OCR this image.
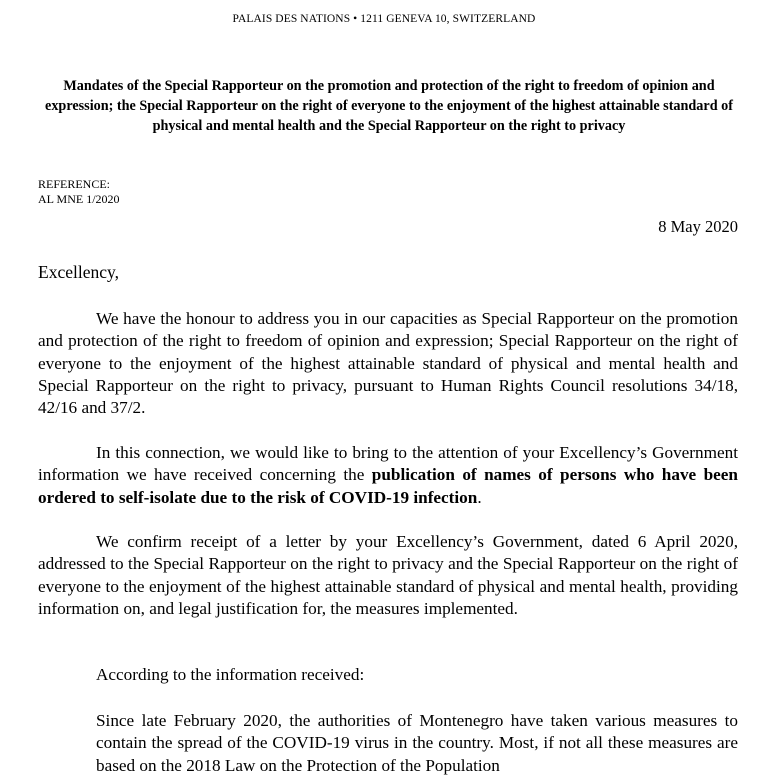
PALAIS DES NATIONS • 1211 GENEVA 10, SWITZERLAND
Mandates of the Special Rapporteur on the promotion and protection of the right to freedom of opinion and expression; the Special Rapporteur on the right of everyone to the enjoyment of the highest attainable standard of physical and mental health and the Special Rapporteur on the right to privacy
REFERENCE:
AL MNE 1/2020
8 May 2020
Excellency,

We have the honour to address you in our capacities as Special Rapporteur on the promotion and protection of the right to freedom of opinion and expression; Special Rapporteur on the right of everyone to the enjoyment of the highest attainable standard of physical and mental health and Special Rapporteur on the right to privacy, pursuant to Human Rights Council resolutions 34/18, 42/16 and 37/2.

In this connection, we would like to bring to the attention of your Excellency’s Government information we have received concerning the publication of names of persons who have been ordered to self-isolate due to the risk of COVID-19 infection.

We confirm receipt of a letter by your Excellency’s Government, dated 6 April 2020, addressed to the Special Rapporteur on the right to privacy and the Special Rapporteur on the right of everyone to the enjoyment of the highest attainable standard of physical and mental health, providing information on, and legal justification for, the measures implemented.

According to the information received:

Since late February 2020, the authorities of Montenegro have taken various measures to contain the spread of the COVID-19 virus in the country. Most, if not all these measures are based on the 2018 Law on the Protection of the Population
